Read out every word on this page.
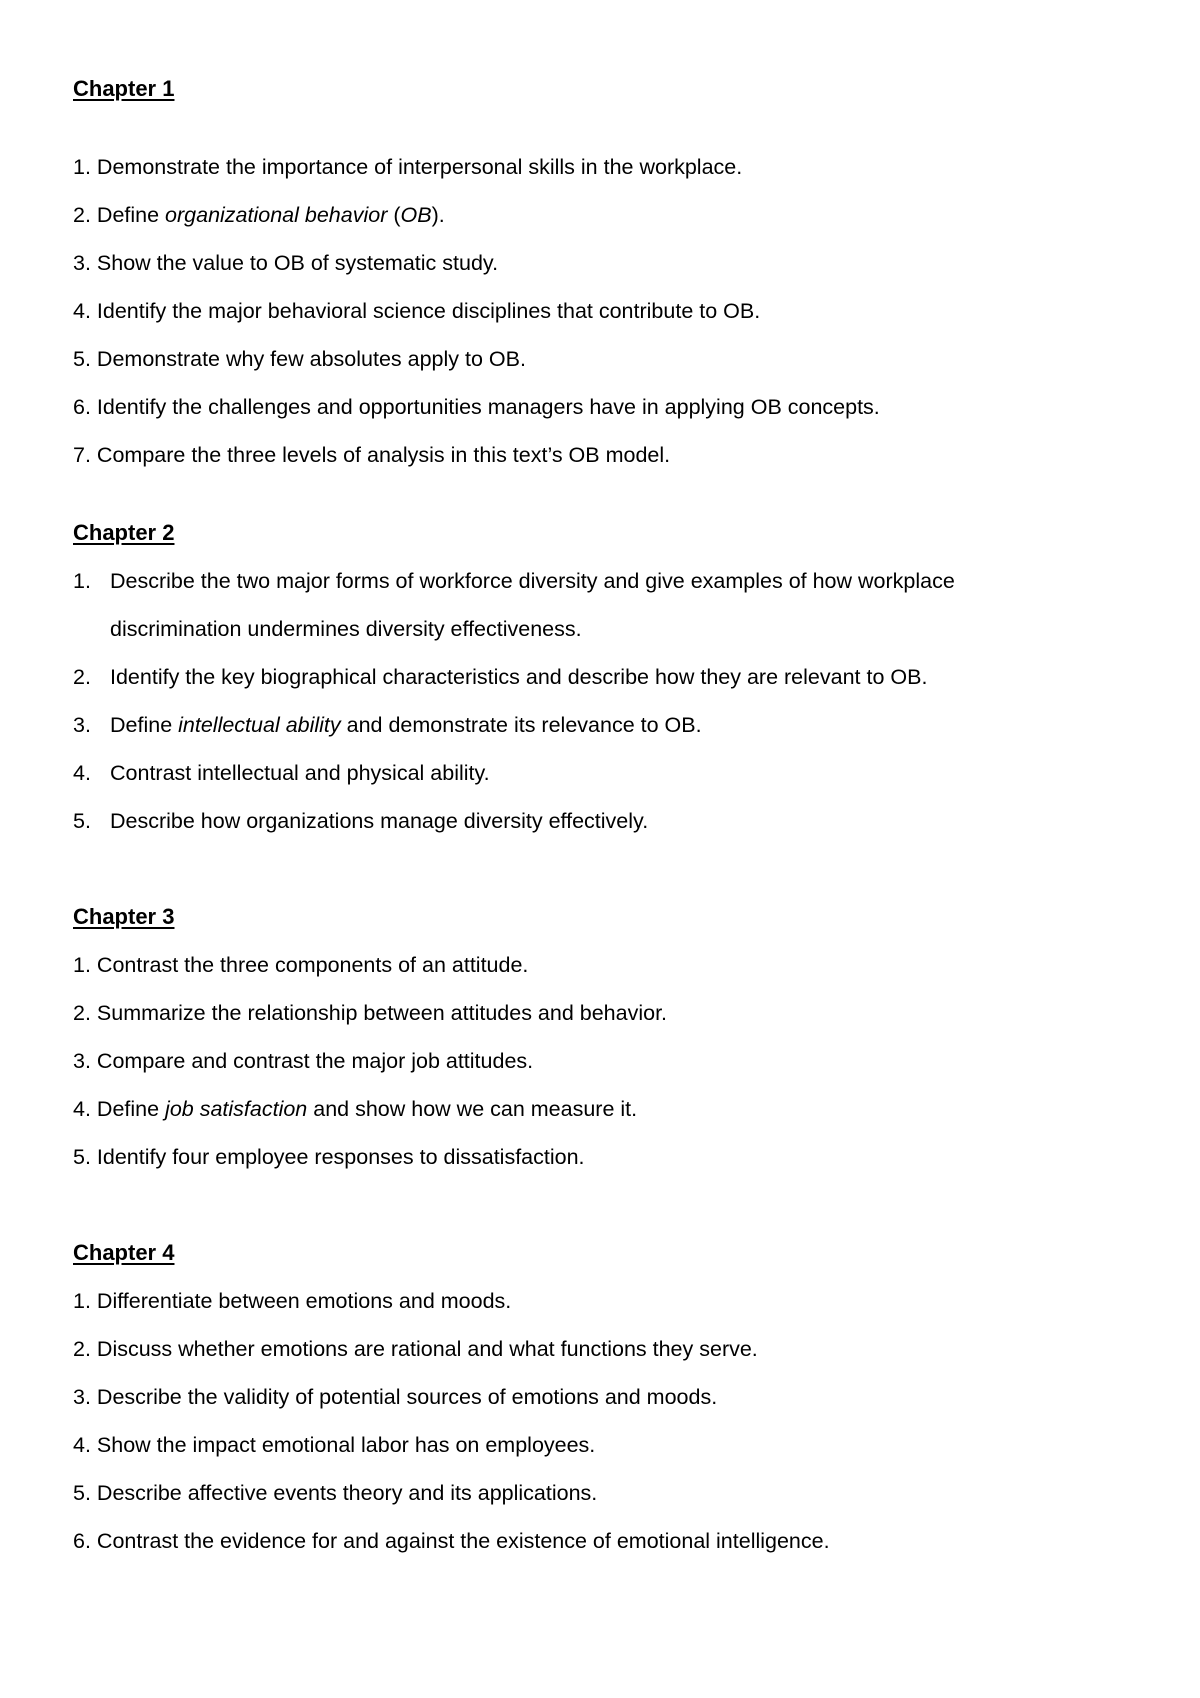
Chapter 1
1. Demonstrate the importance of interpersonal skills in the workplace.
2. Define organizational behavior (OB).
3. Show the value to OB of systematic study.
4. Identify the major behavioral science disciplines that contribute to OB.
5. Demonstrate why few absolutes apply to OB.
6. Identify the challenges and opportunities managers have in applying OB concepts.
7. Compare the three levels of analysis in this text’s OB model.
Chapter 2
1. Describe the two major forms of workforce diversity and give examples of how workplace
discrimination undermines diversity effectiveness.
2. Identify the key biographical characteristics and describe how they are relevant to OB.
3. Define intellectual ability and demonstrate its relevance to OB.
4. Contrast intellectual and physical ability.
5. Describe how organizations manage diversity effectively.
Chapter 3
1. Contrast the three components of an attitude.
2. Summarize the relationship between attitudes and behavior.
3. Compare and contrast the major job attitudes.
4. Define job satisfaction and show how we can measure it.
5. Identify four employee responses to dissatisfaction.
Chapter 4
1. Differentiate between emotions and moods.
2. Discuss whether emotions are rational and what functions they serve.
3. Describe the validity of potential sources of emotions and moods.
4. Show the impact emotional labor has on employees.
5. Describe affective events theory and its applications.
6. Contrast the evidence for and against the existence of emotional intelligence.
